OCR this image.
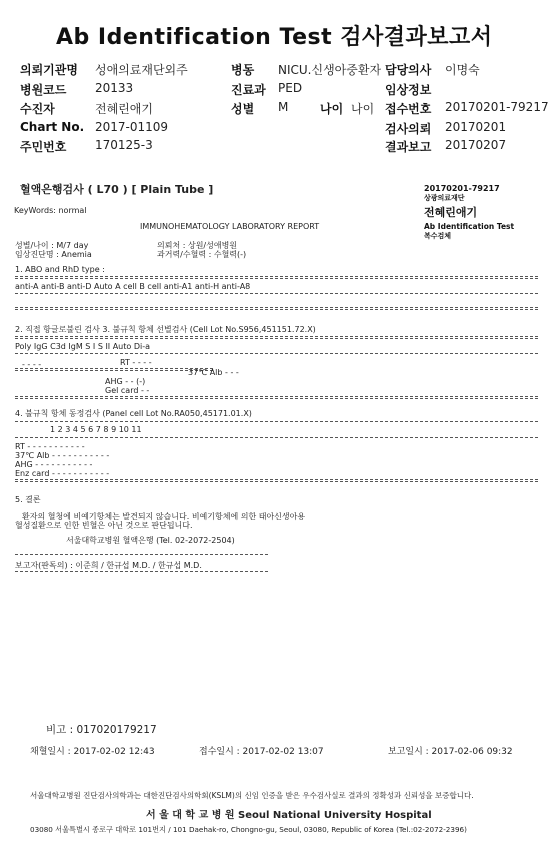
Ab Identification Test 검사결과보고서
의뢰기관명 성애의료재단외주	병동 NICU.신생아중환자 담당의사 이명숙
병원코드 20133	진료과 PED	임상정보
수진자	전혜린애기	성별 M	나이 나이 접수번호 20170201-79217
Chart No. 2017-01109	검사의뢰 20170201
주민번호 170125-3	결과보고 20170207
혈액은행검사 ( L70 ) [ Plain Tube ]	20170201-79217
상광의료재단
전혜린애기
Ab Identification Test
복수검체
KeyWords: normal
IMMUNOHEMATOLOGY LABORATORY REPORT
성별/나이 : M/7 day
임상진단명 : Anemia
의뢰처 : 상원/성애병원
과거력/수혈력 : 수혈력(-)
1. ABO and RhD type :
anti-A anti-B anti-D Auto A cell B cell anti-A1 anti-H anti-A8
2. 직접 항글로불린 검사 3. 불규칙 항체 선별검사 (Cell Lot No.S956,451151.72.X)
Poly IgG C3d IgM S I S II Auto Di-a
- - - -	RT - - - -
37℃ Alb - - -
AHG - - (-)
Gel card - -
4. 불규칙 항체 동정검사 (Panel cell Lot No.RA050,45171.01.X)
1 2 3 4 5 6 7 8 9 10 11
RT - - - - - - - - - - -
37℃ Alb - - - - - - - - - - -
AHG - - - - - - - - - - -
Enz card - - - - - - - - - - -
5. 결론
환자의 혈청에 비예기항체는 발견되지 않습니다. 비예기항체에 의한 태아신생아용
혈성질환으로 인한 빈혈은 아닌 것으로 판단됩니다.
서울대학교병원 혈액은행 (Tel. 02-2072-2504)
보고자(판독의) : 이준희 / 한규섭 M.D. / 한규섭 M.D.
비고 : 017020179217
채혈일시 : 2017-02-02 12:43	접수일시 : 2017-02-02 13:07	보고일시 : 2017-02-06 09:32
서울대학교병원 진단검사의학과는 대한진단검사의학회(KSLM)의 신임 인증을 받은 우수검사실로 결과의 정확성과 신뢰성을 보증합니다.
서 울 대 학 교 병 원 Seoul National University Hospital
03080 서울특별시 종로구 대학로 101번지 / 101 Daehak-ro, Chongno-gu, Seoul, 03080, Republic of Korea (Tel.:02-2072-2396)
